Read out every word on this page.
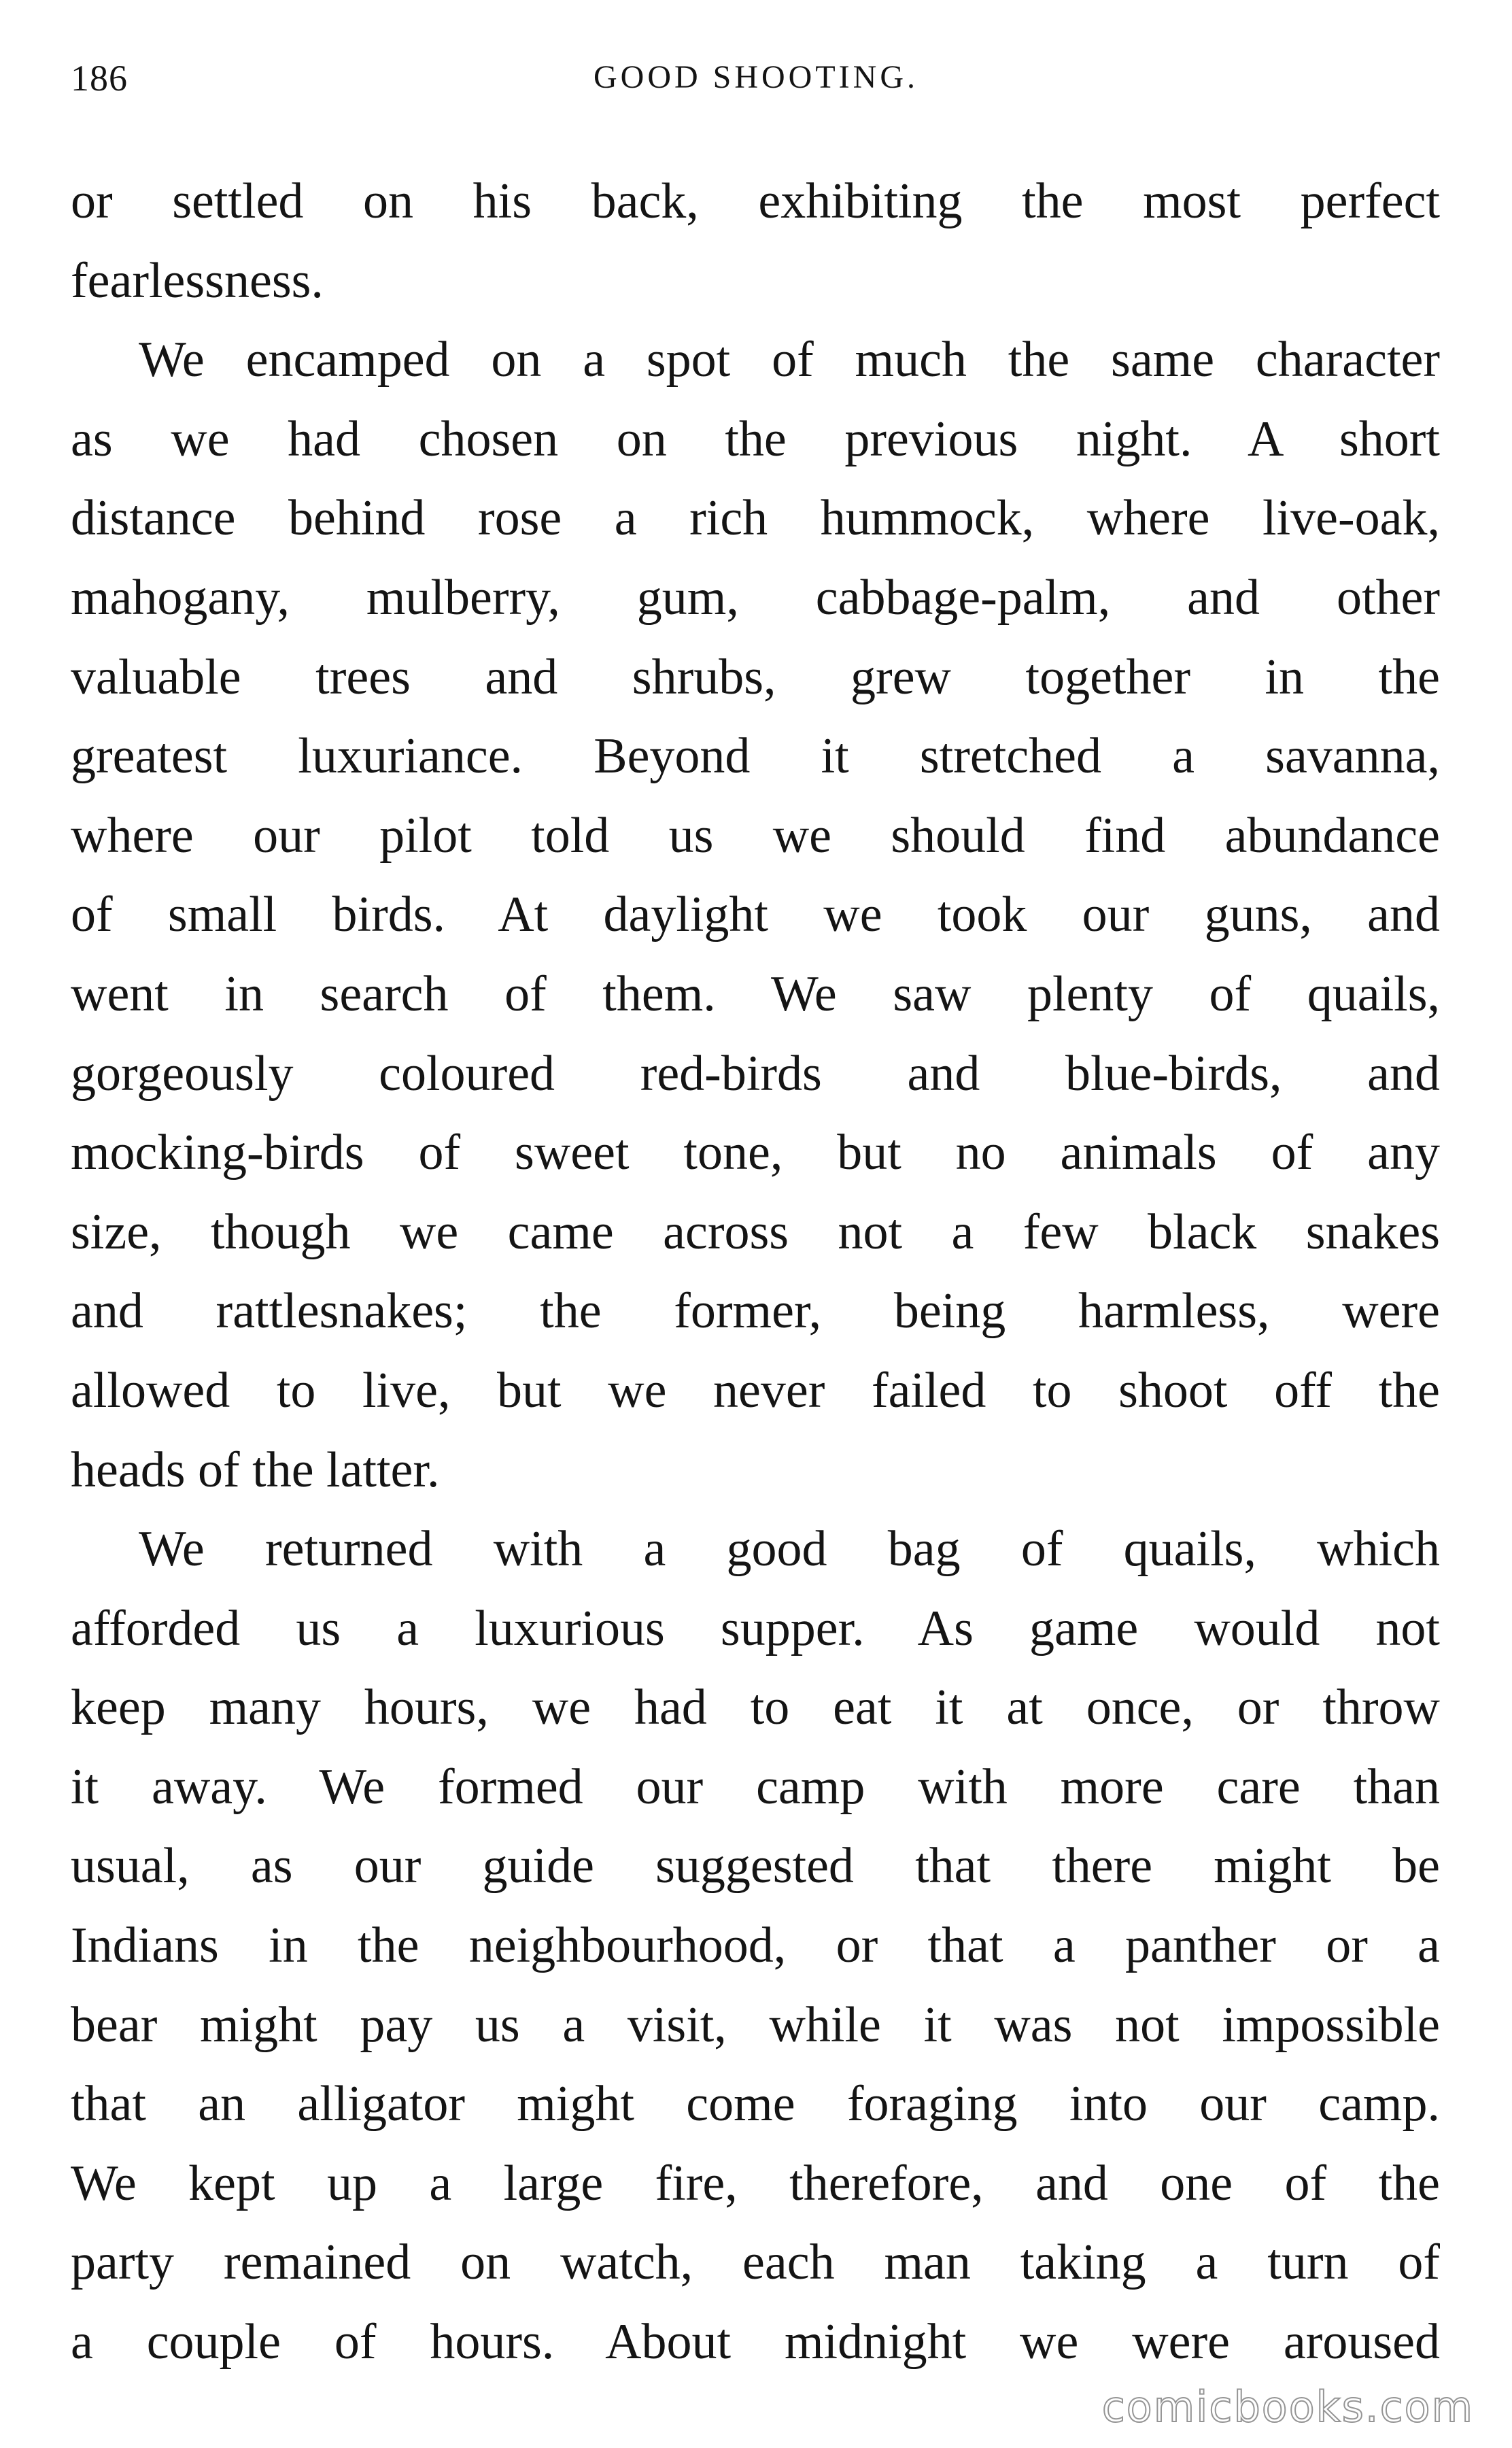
186	GOOD SHOOTING.
or settled on his back, exhibiting the most perfect
fearlessness.
We encamped on a spot of much the same character
as we had chosen on the previous night. A short
distance behind rose a rich hummock, where live-oak,
mahogany, mulberry, gum, cabbage-palm, and other
valuable trees and shrubs, grew together in the
greatest luxuriance. Beyond it stretched a savanna,
where our pilot told us we should find abundance
of small birds. At daylight we took our guns, and
went in search of them. We saw plenty of quails,
gorgeously coloured red-birds and blue-birds, and
mocking-birds of sweet tone, but no animals of any
size, though we came across not a few black snakes
and rattlesnakes; the former, being harmless, were
allowed to live, but we never failed to shoot off the
heads of the latter.
We returned with a good bag of quails, which
afforded us a luxurious supper. As game would not
keep many hours, we had to eat it at once, or throw
it away. We formed our camp with more care than
usual, as our guide suggested that there might be
Indians in the neighbourhood, or that a panther or a
bear might pay us a visit, while it was not impossible
that an alligator might come foraging into our camp.
We kept up a large fire, therefore, and one of the
party remained on watch, each man taking a turn of
a couple of hours. About midnight we were aroused
comicbooks.com
